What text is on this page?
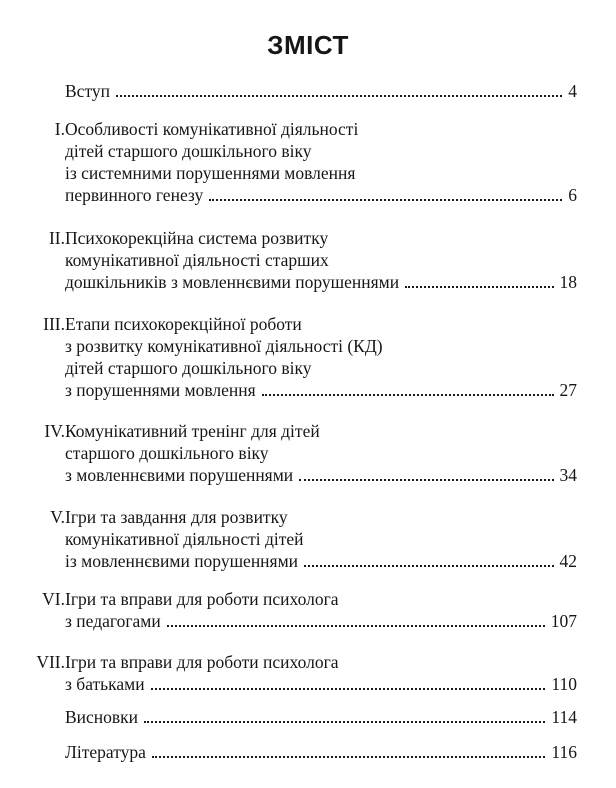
ЗМІСТ
Вступ	4
I. Особливості комунікативної діяльності
дітей старшого дошкільного віку
із системними порушеннями мовлення
первинного генезу	6
II. Психокорекційна система розвитку
комунікативної діяльності старших
дошкільників з мовленнєвими порушеннями	18
III. Етапи психокорекційної роботи
з розвитку комунікативної діяльності (КД)
дітей старшого дошкільного віку
з порушеннями мовлення	27
IV. Комунікативний тренінг для дітей
старшого дошкільного віку
з мовленнєвими порушеннями	34
V. Ігри та завдання для розвитку
комунікативної діяльності дітей
із мовленнєвими порушеннями	42
VI. Ігри та вправи для роботи психолога
з педагогами	107
VII. Ігри та вправи для роботи психолога
з батьками	110
Висновки	114
Література	116
